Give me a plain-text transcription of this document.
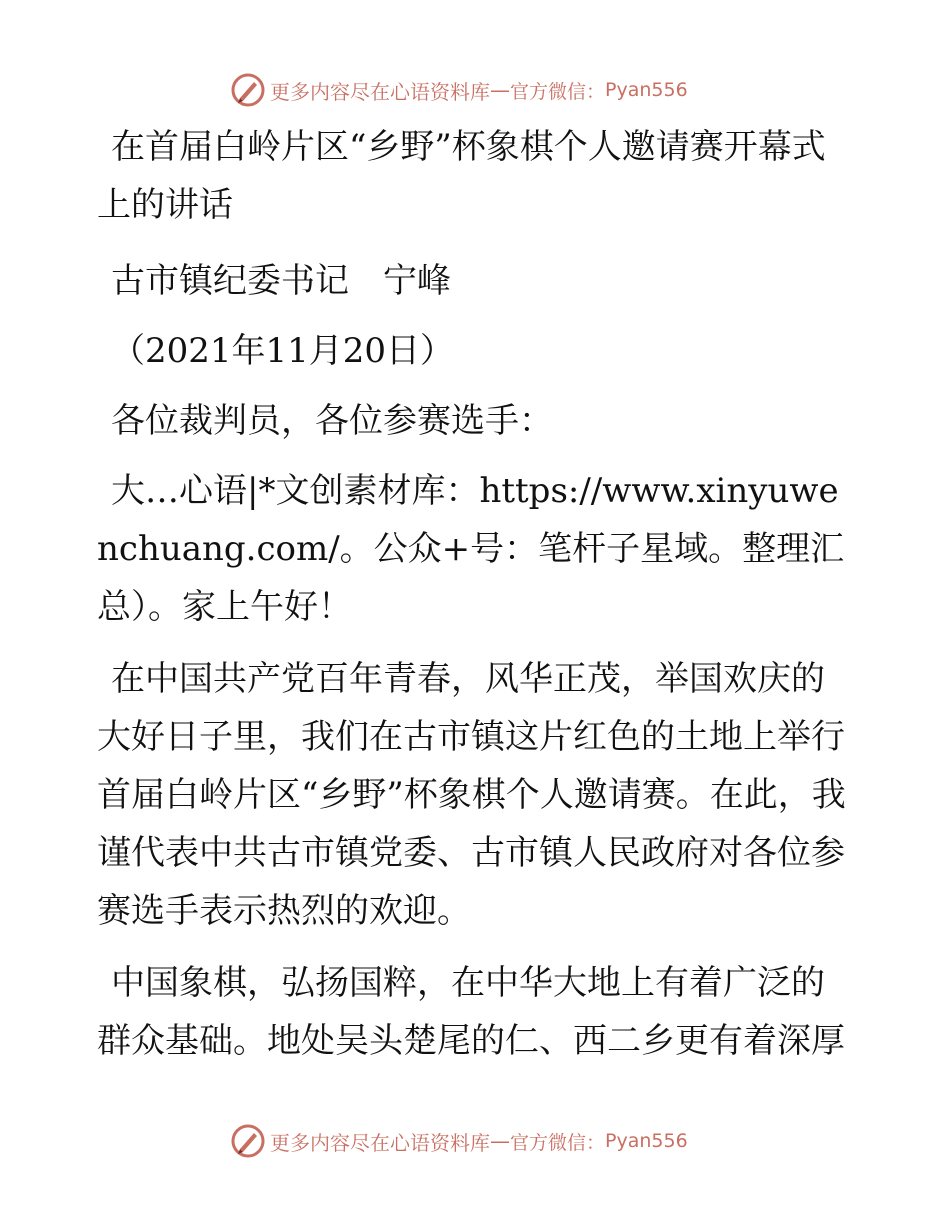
更多内容尽在心语资料库 — 官方微信： Pyan556

在首届白岭片区“乡野”杯象棋个人邀请赛开幕式上的讲话

古市镇纪委书记　宁峰

（2021年11月20日）

各位裁判员，各位参赛选手：

大…心语|*文创素材库：https://www.xinyuwenchuang.com/。公众+号：笔杆子星域。整理汇总）。家上午好！

在中国共产党百年青春，风华正茂，举国欢庆的大好日子里，我们在古市镇这片红色的土地上举行首届白岭片区“乡野”杯象棋个人邀请赛。在此，我谨代表中共古市镇党委、古市镇人民政府对各位参赛选手表示热烈的欢迎。

中国象棋，弘扬国粹，在中华大地上有着广泛的群众基础。地处吴头楚尾的仁、西二乡更有着深厚

更多内容尽在心语资料库 — 官方微信： Pyan556
